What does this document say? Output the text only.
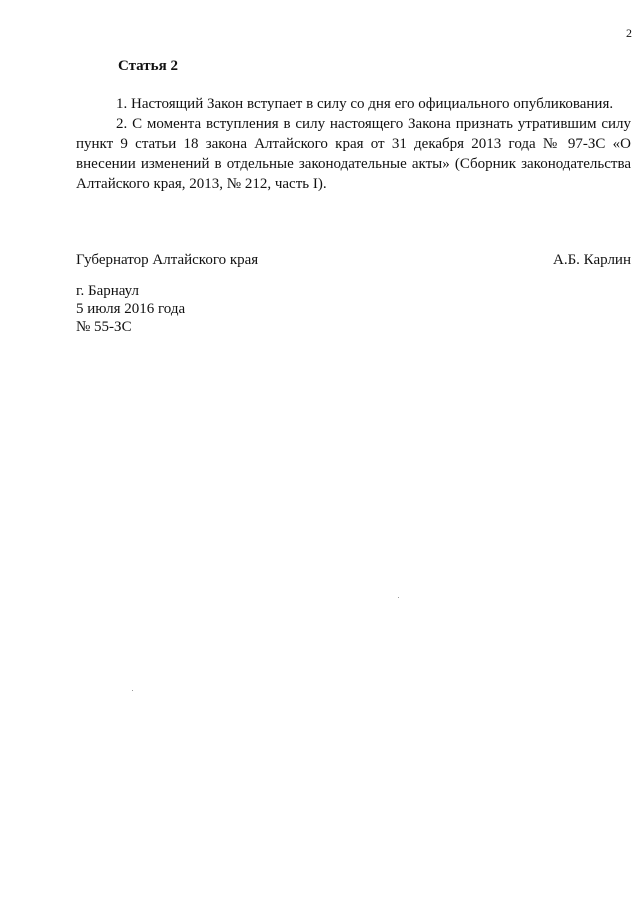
2
Статья 2

1. Настоящий Закон вступает в силу со дня его официального опубликования.

2. С момента вступления в силу настоящего Закона признать утратившим силу пункт 9 статьи 18 закона Алтайского края от 31 декабря 2013 года № 97-ЗС «О внесении изменений в отдельные законодательные акты» (Сборник законодательства Алтайского края, 2013, № 212, часть I).

Губернатор Алтайского края	А.Б. Карлин
г. Барнаул
5 июля 2016 года
№ 55-ЗС
